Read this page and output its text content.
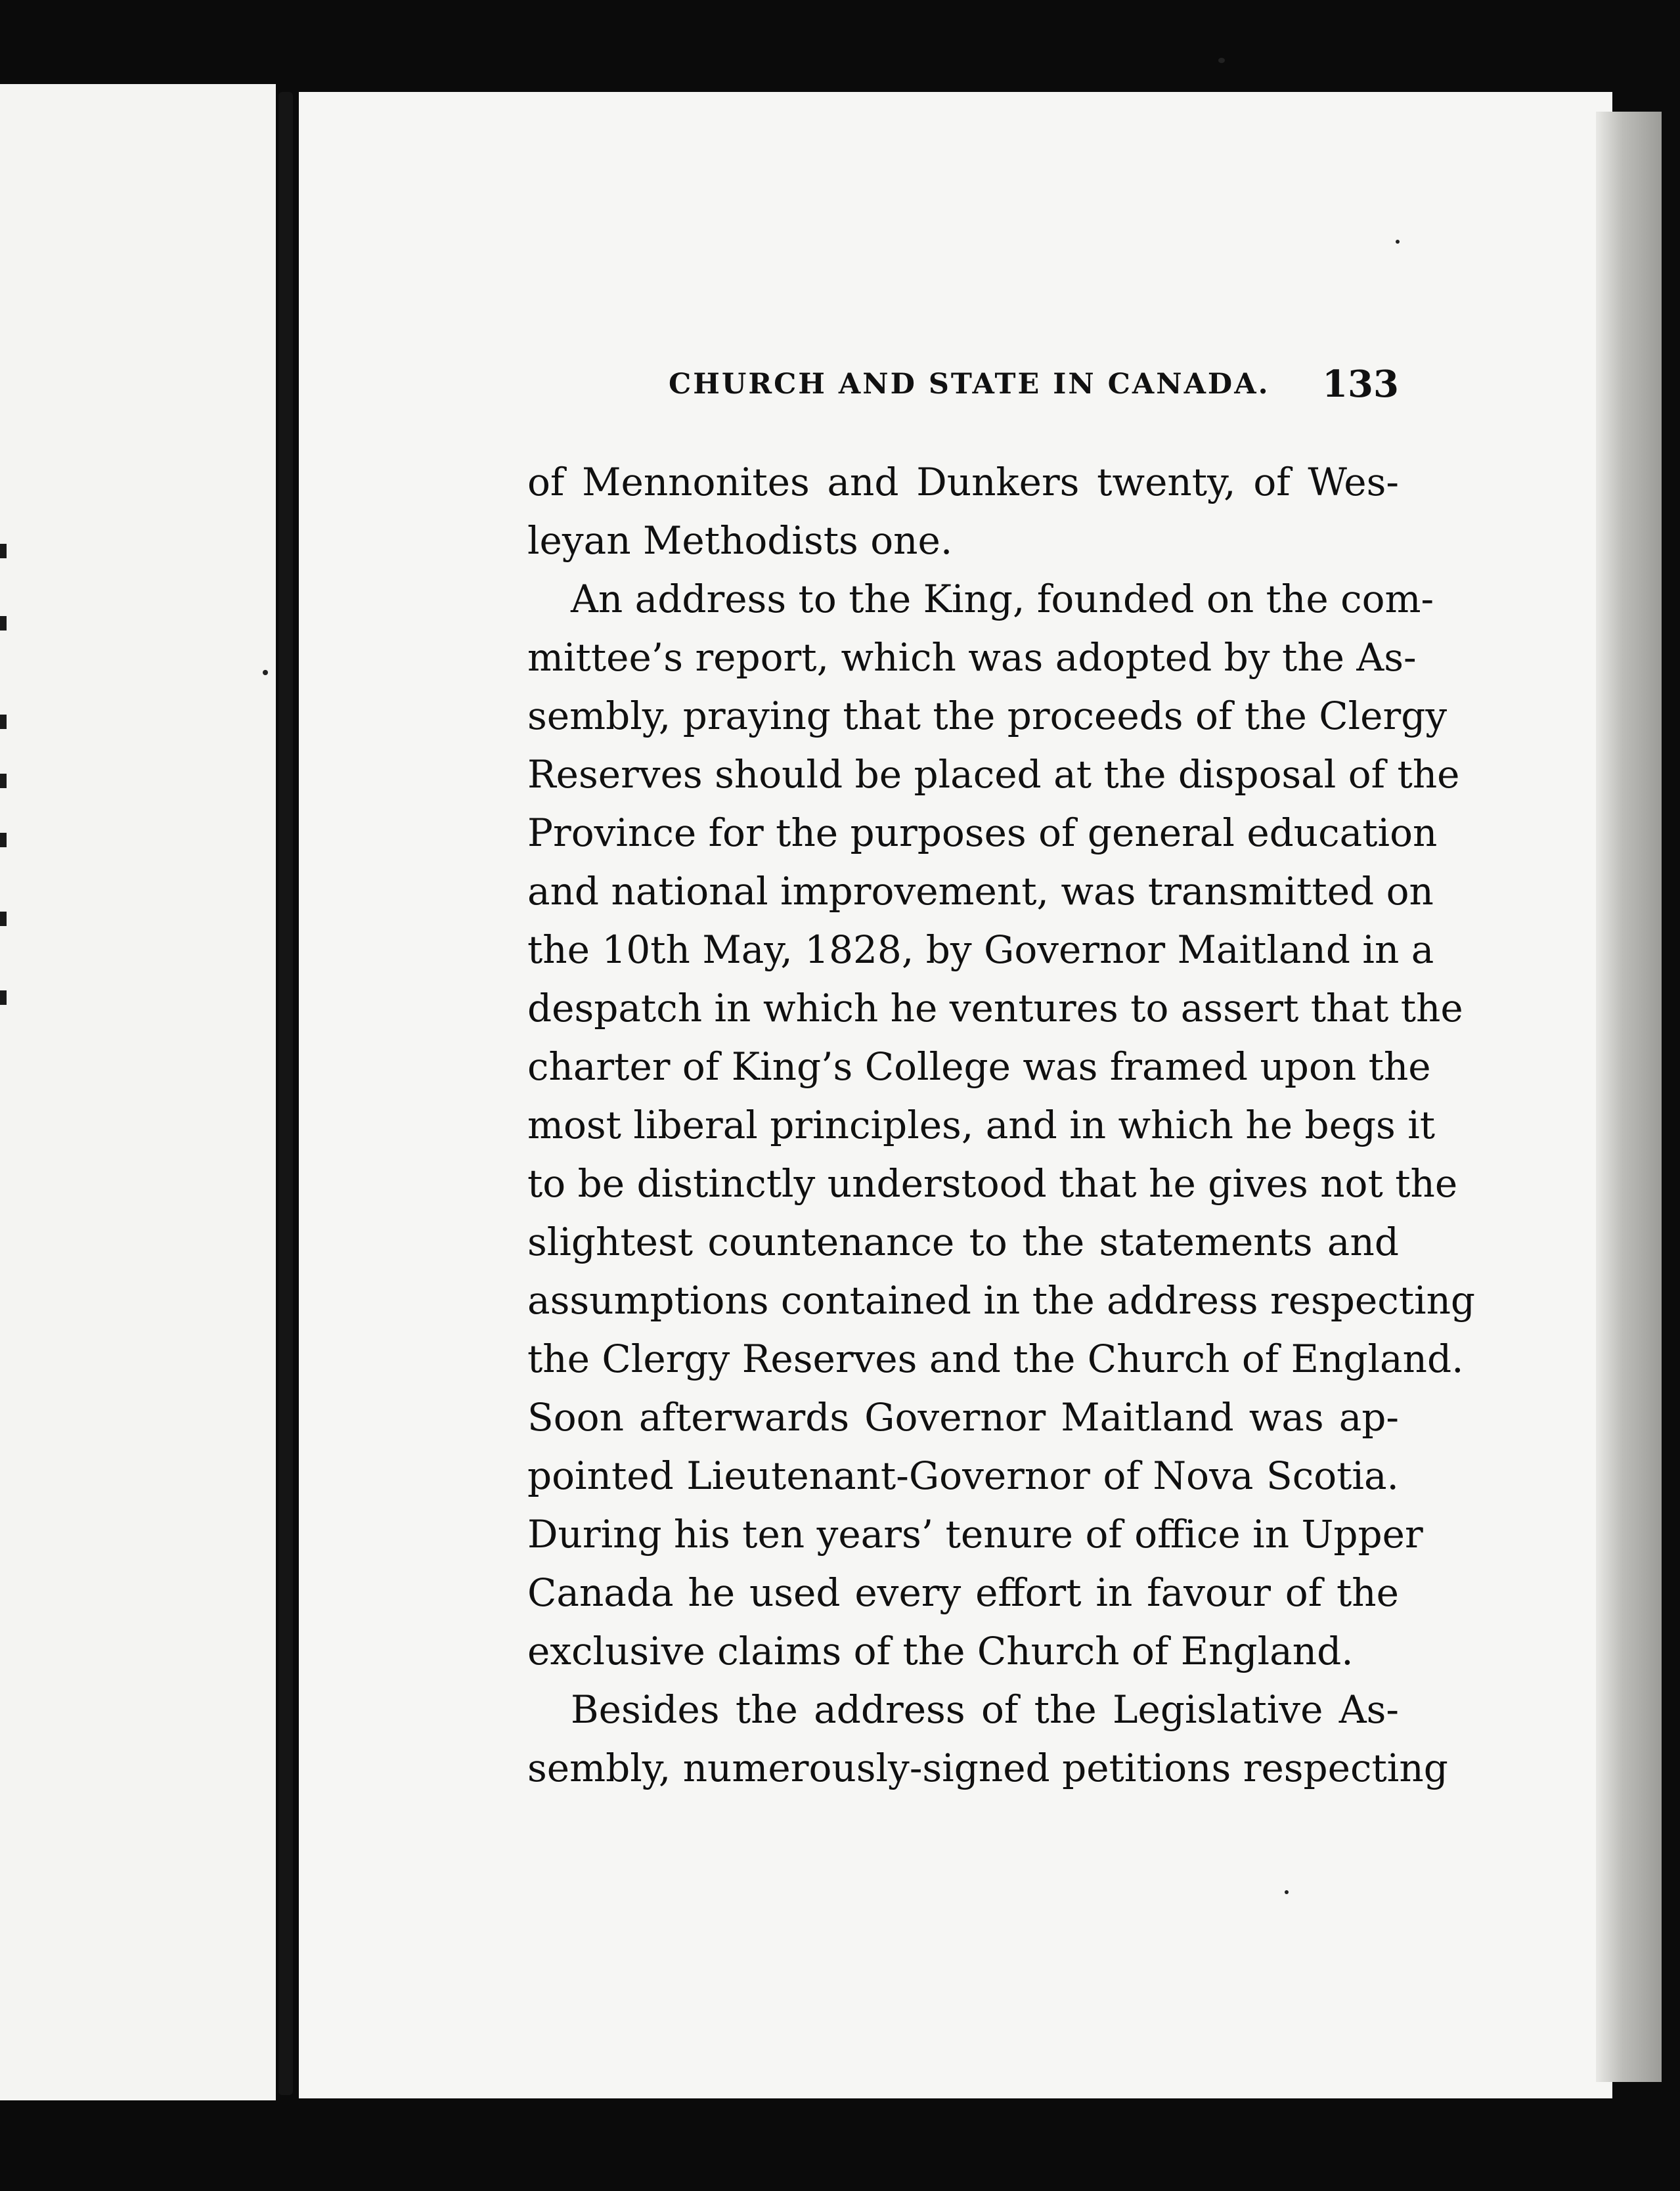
CHURCH AND STATE IN CANADA. 133
of Mennonites and Dunkers twenty, of Wes-
leyan Methodists one.
An address to the King, founded on the com-
mittee’s report, which was adopted by the As-
sembly, praying that the proceeds of the Clergy
Reserves should be placed at the disposal of the
Province for the purposes of general education
and national improvement, was transmitted on
the 10th May, 1828, by Governor Maitland in a
despatch in which he ventures to assert that the
charter of King’s College was framed upon the
most liberal principles, and in which he begs it
to be distinctly understood that he gives not the
slightest countenance to the statements and
assumptions contained in the address respecting
the Clergy Reserves and the Church of England.
Soon afterwards Governor Maitland was ap-
pointed Lieutenant-Governor of Nova Scotia.
During his ten years’ tenure of office in Upper
Canada he used every effort in favour of the
exclusive claims of the Church of England.
Besides the address of the Legislative As-
sembly, numerously-signed petitions respecting
